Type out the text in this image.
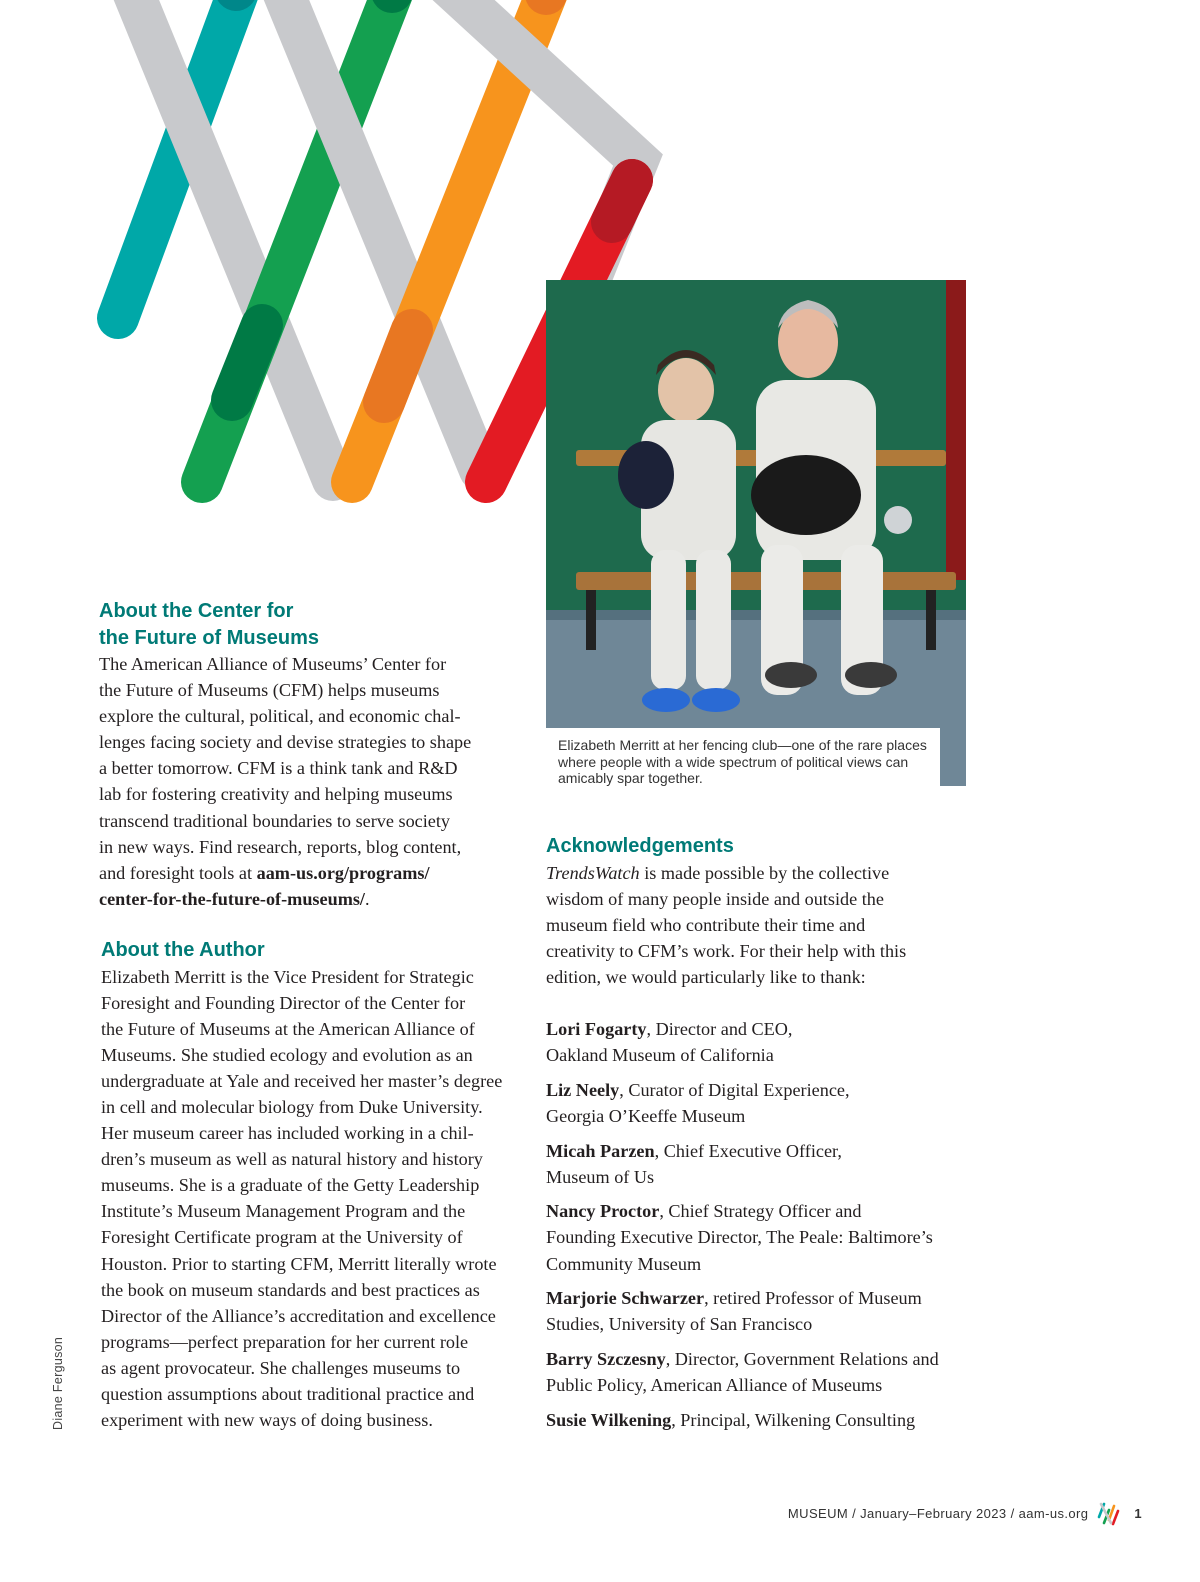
Elizabeth Merritt at her fencing club—one of the rare places where people with a wide spectrum of political views can amicably spar together.
About the Center for
the Future of Museums

The American Alliance of Museums’ Center for
the Future of Museums (CFM) helps museums
explore the cultural, political, and economic chal-
lenges facing society and devise strategies to shape
a better tomorrow. CFM is a think tank and R&D
lab for fostering creativity and helping museums
transcend traditional boundaries to serve society
in new ways. Find research, reports, blog content,
and foresight tools at aam-us.org/programs/
center-for-the-future-of-museums/.

About the Author

Elizabeth Merritt is the Vice President for Strategic
Foresight and Founding Director of the Center for
the Future of Museums at the American Alliance of
Museums. She studied ecology and evolution as an
undergraduate at Yale and received her master’s degree
in cell and molecular biology from Duke University.
Her museum career has included working in a chil-
dren’s museum as well as natural history and history
museums. She is a graduate of the Getty Leadership
Institute’s Museum Management Program and the
Foresight Certificate program at the University of
Houston. Prior to starting CFM, Merritt literally wrote
the book on museum standards and best practices as
Director of the Alliance’s accreditation and excellence
programs—perfect preparation for her current role
as agent provocateur. She challenges museums to
question assumptions about traditional practice and
experiment with new ways of doing business.

Acknowledgements

TrendsWatch is made possible by the collective
wisdom of many people inside and outside the
museum field who contribute their time and
creativity to CFM’s work. For their help with this
edition, we would particularly like to thank:

Lori Fogarty, Director and CEO,
Oakland Museum of California
Liz Neely, Curator of Digital Experience,
Georgia O’Keeffe Museum
Micah Parzen, Chief Executive Officer,
Museum of Us
Nancy Proctor, Chief Strategy Officer and
Founding Executive Director, The Peale: Baltimore’s
Community Museum
Marjorie Schwarzer, retired Professor of Museum
Studies, University of San Francisco
Barry Szczesny, Director, Government Relations and
Public Policy, American Alliance of Museums
Susie Wilkening, Principal, Wilkening Consulting
Diane Ferguson
MUSEUM / January–February 2023 / aam-us.org	1
